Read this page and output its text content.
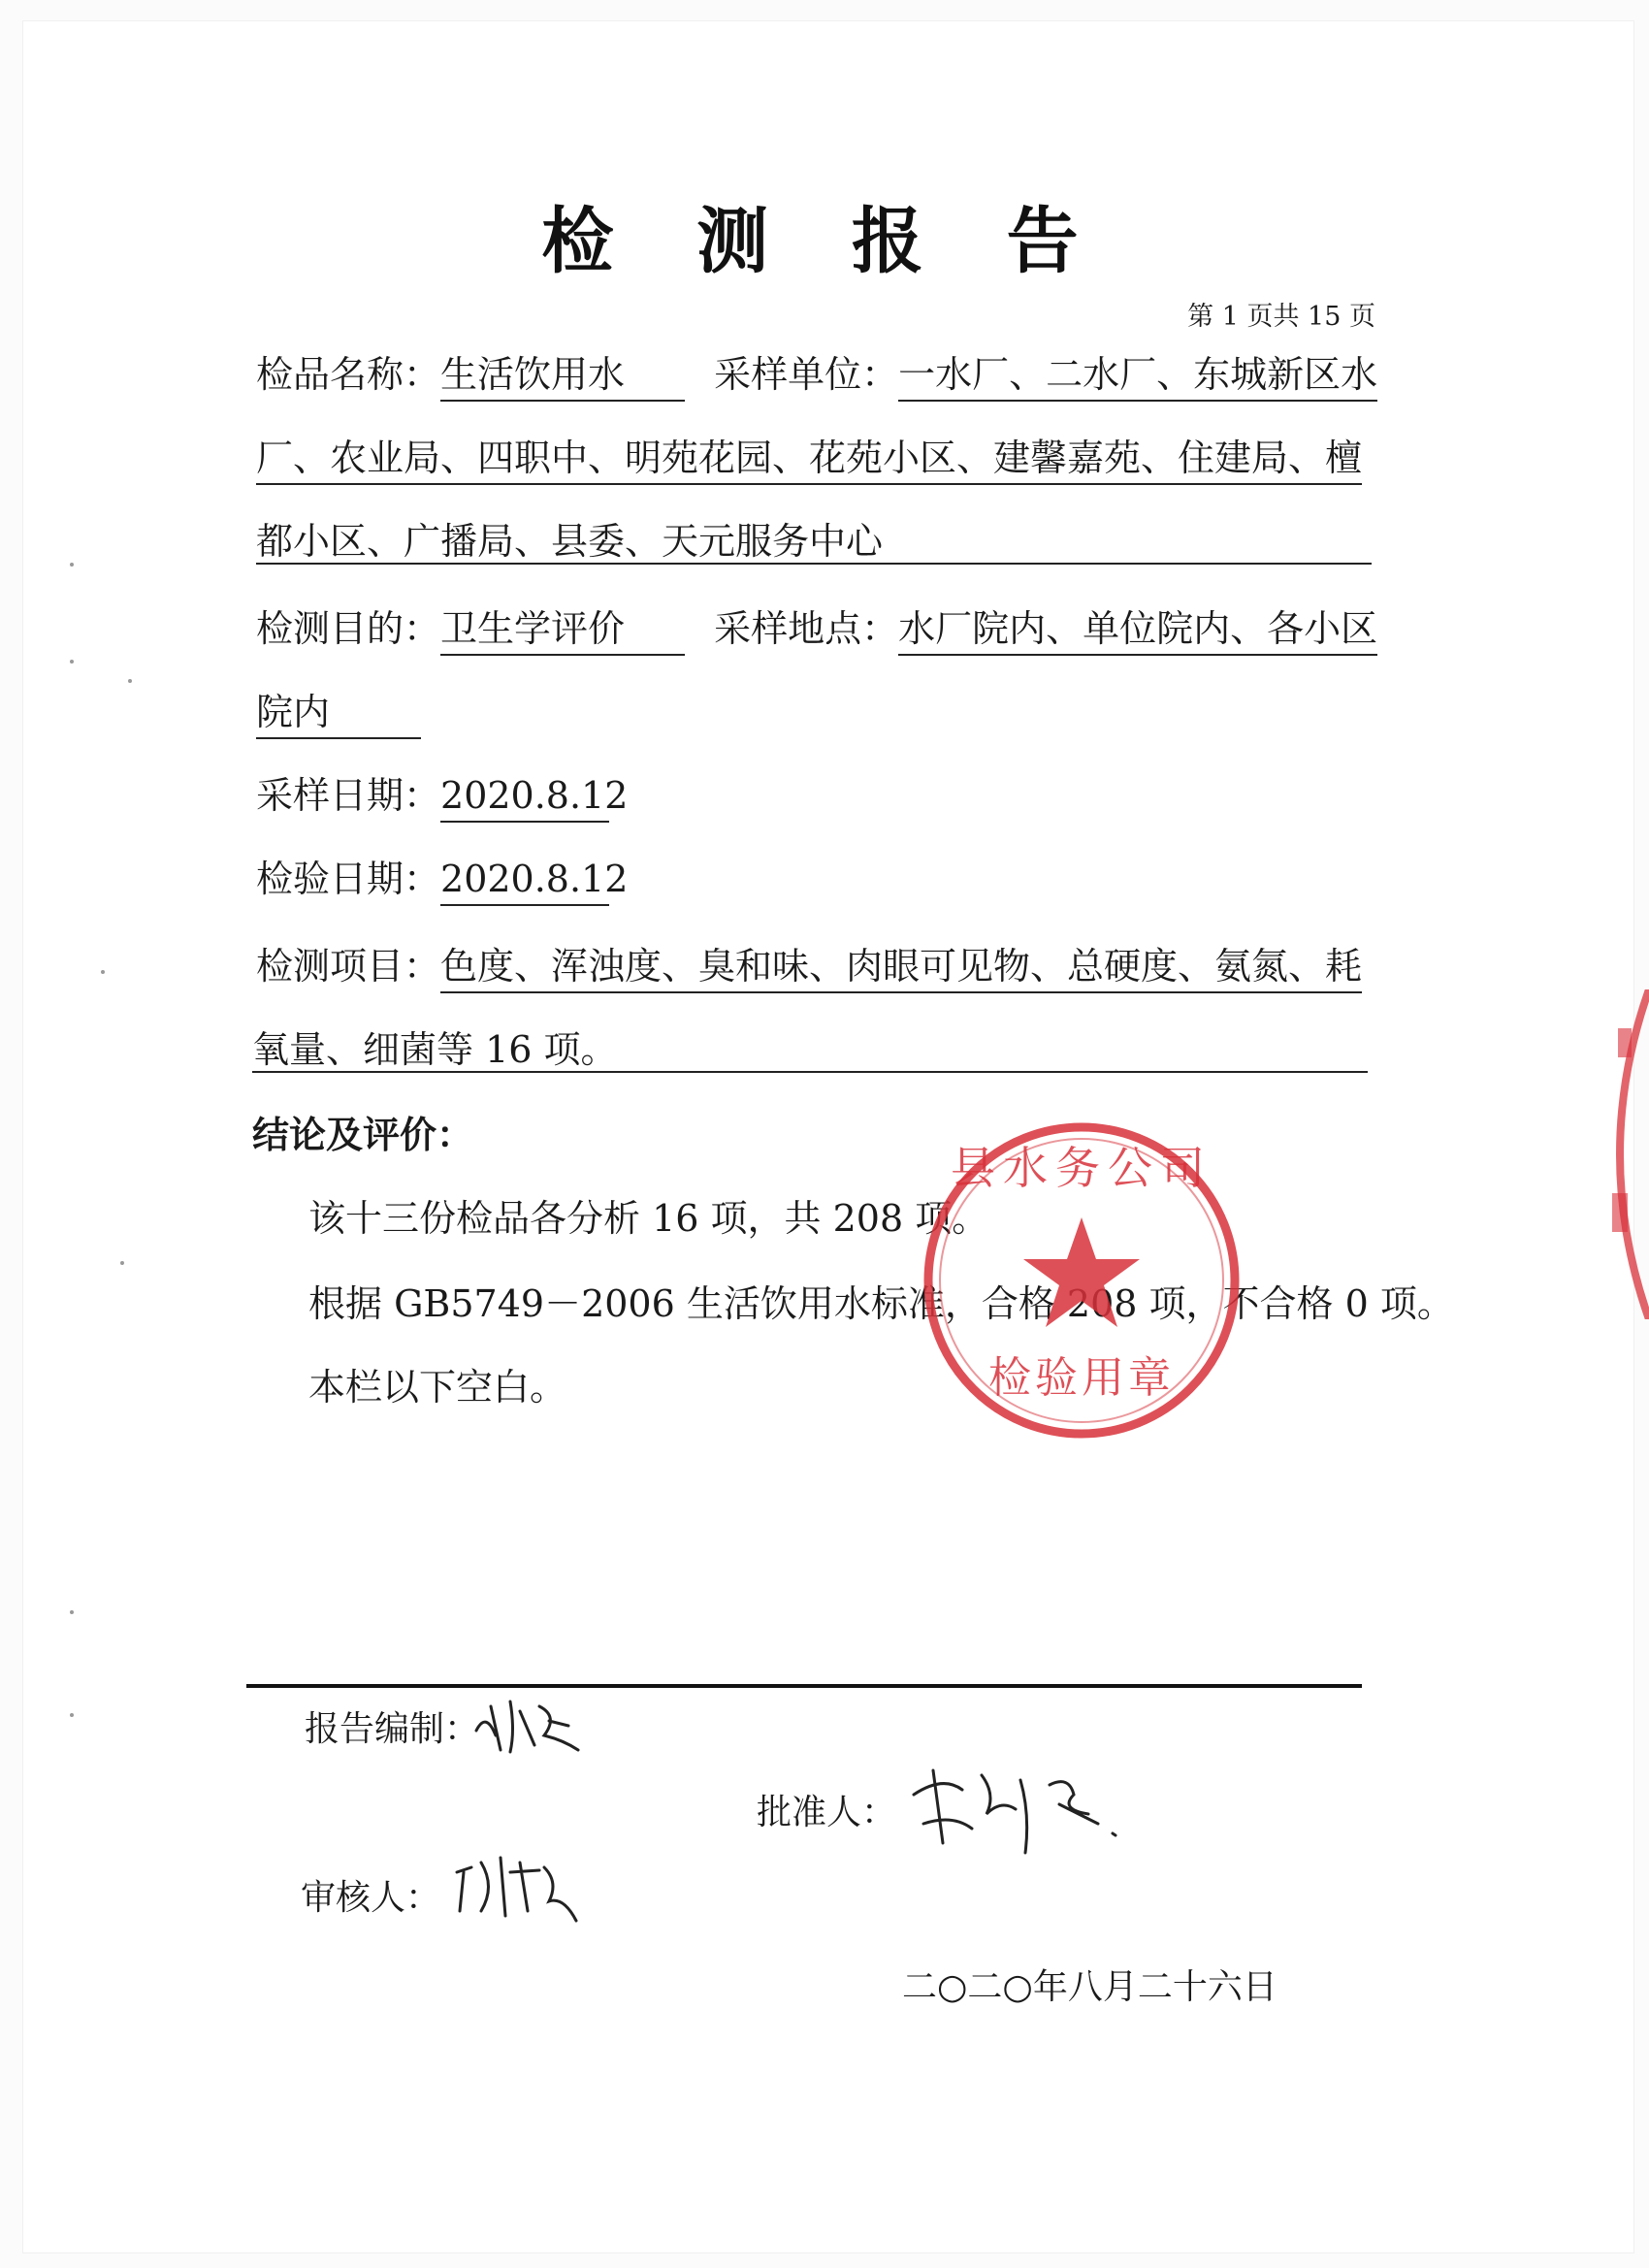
检 测 报 告
第 1 页共 15 页
检品名称：生活饮用水 采样单位：一水厂、二水厂、东城新区水
厂、农业局、四职中、明苑花园、花苑小区、建馨嘉苑、住建局、檀
都小区、广播局、县委、天元服务中心
检测目的：卫生学评价 采样地点：水厂院内、单位院内、各小区
院内
采样日期：2020.8.12
检验日期：2020.8.12
检测项目：色度、浑浊度、臭和味、肉眼可见物、总硬度、氨氮、耗
氧量、细菌等 16 项。
结论及评价：
该十三份检品各分析 16 项，共 208 项。
根据 GB5749－2006 生活饮用水标准，合格 208 项，不合格 0 项。
本栏以下空白。
县水务公司
检验用章
报告编制：
批准人：
审核人：
二○二○年八月二十六日
